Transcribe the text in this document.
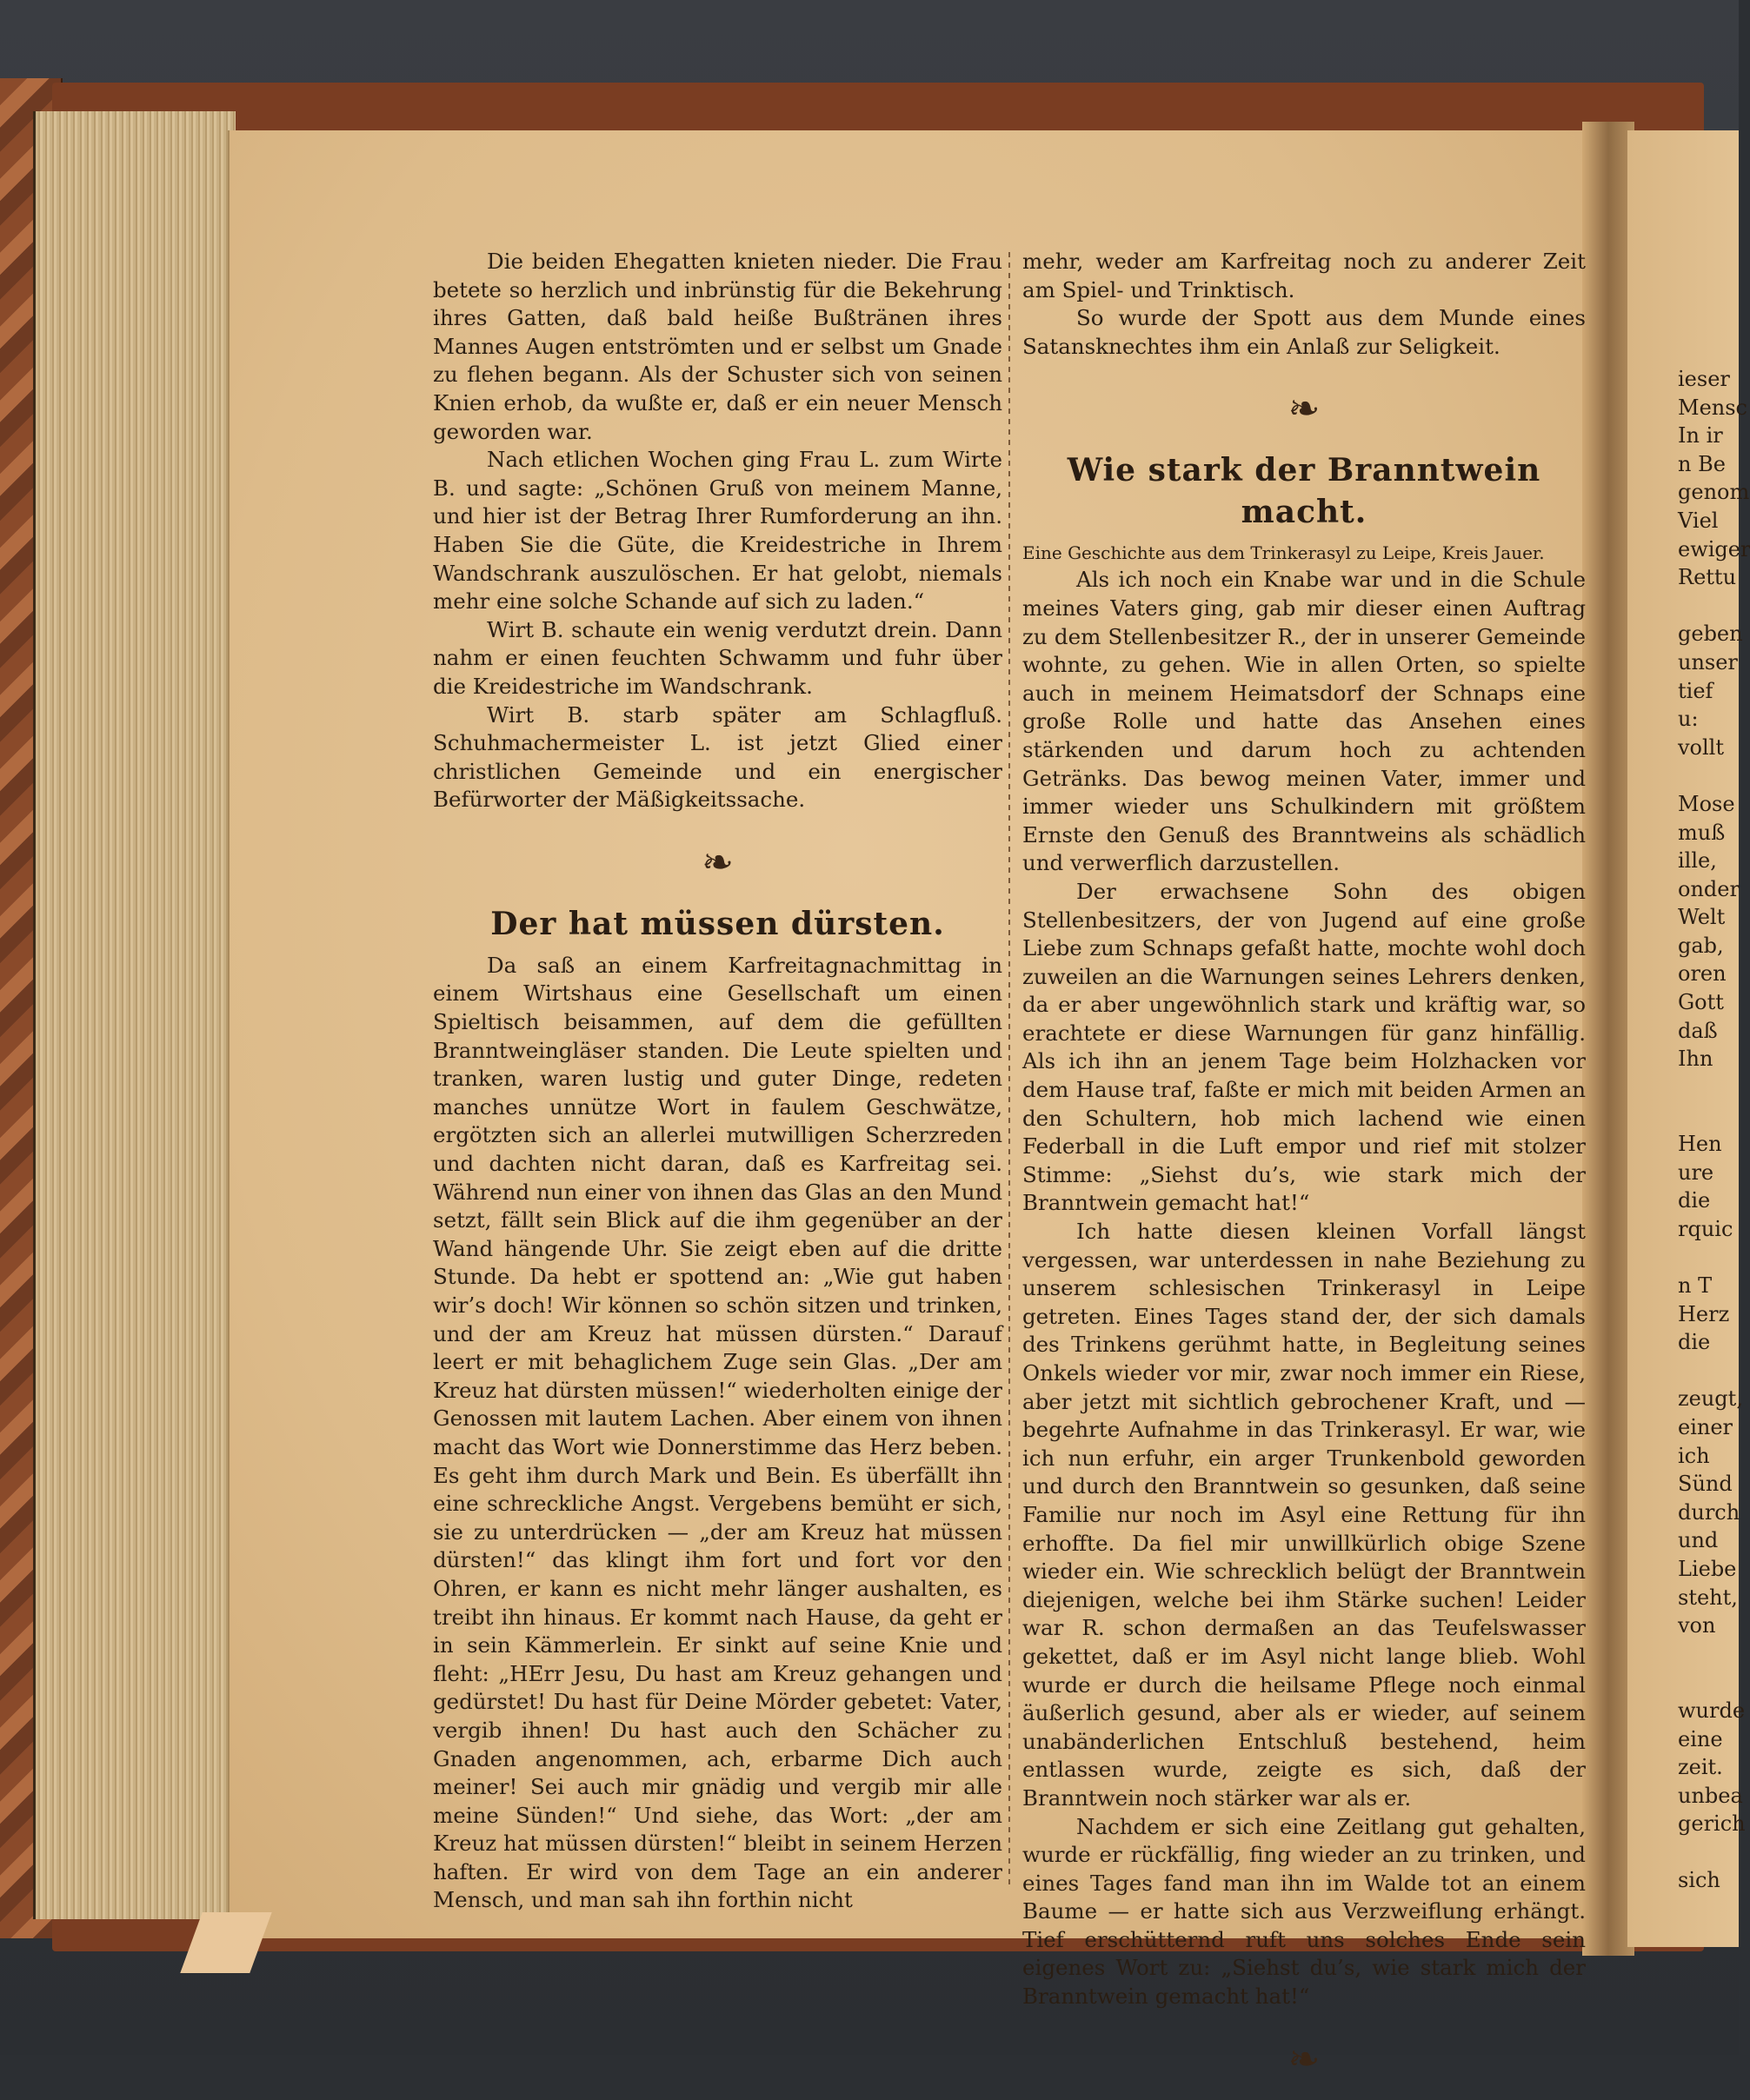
Die beiden Ehegatten knieten nieder. Die Frau betete so herzlich und inbrünstig für die Bekehrung ihres Gatten, daß bald heiße Bußtränen ihres Mannes Augen entströmten und er selbst um Gnade zu flehen begann. Als der Schuster sich von seinen Knien erhob, da wußte er, daß er ein neuer Mensch geworden war.

Nach etlichen Wochen ging Frau L. zum Wirte B. und sagte: „Schönen Gruß von meinem Manne, und hier ist der Betrag Ihrer Rumforderung an ihn. Haben Sie die Güte, die Kreidestriche in Ihrem Wandschrank auszulöschen. Er hat gelobt, niemals mehr eine solche Schande auf sich zu laden.“

Wirt B. schaute ein wenig verdutzt drein. Dann nahm er einen feuchten Schwamm und fuhr über die Kreidestriche im Wandschrank.

Wirt B. starb später am Schlagfluß. Schuhmachermeister L. ist jetzt Glied einer christlichen Gemeinde und ein energischer Befürworter der Mäßigkeitssache.

❧
Der hat müssen dürsten.

Da saß an einem Karfreitagnachmittag in einem Wirtshaus eine Gesellschaft um einen Spieltisch beisammen, auf dem die gefüllten Branntweingläser standen. Die Leute spielten und tranken, waren lustig und guter Dinge, redeten manches unnütze Wort in faulem Geschwätze, ergötzten sich an allerlei mutwilligen Scherzreden und dachten nicht daran, daß es Karfreitag sei. Während nun einer von ihnen das Glas an den Mund setzt, fällt sein Blick auf die ihm gegenüber an der Wand hängende Uhr. Sie zeigt eben auf die dritte Stunde. Da hebt er spottend an: „Wie gut haben wir’s doch! Wir können so schön sitzen und trinken, und der am Kreuz hat müssen dürsten.“ Darauf leert er mit behaglichem Zuge sein Glas. „Der am Kreuz hat dürsten müssen!“ wiederholten einige der Genossen mit lautem Lachen. Aber einem von ihnen macht das Wort wie Donnerstimme das Herz beben. Es geht ihm durch Mark und Bein. Es überfällt ihn eine schreckliche Angst. Vergebens bemüht er sich, sie zu unterdrücken — „der am Kreuz hat müssen dürsten!“ das klingt ihm fort und fort vor den Ohren, er kann es nicht mehr länger aushalten, es treibt ihn hinaus. Er kommt nach Hause, da geht er in sein Kämmerlein. Er sinkt auf seine Knie und fleht: „HErr Jesu, Du hast am Kreuz gehangen und gedürstet! Du hast für Deine Mörder gebetet: Vater, vergib ihnen! Du hast auch den Schächer zu Gnaden angenommen, ach, erbarme Dich auch meiner! Sei auch mir gnädig und vergib mir alle meine Sünden!“ Und siehe, das Wort: „der am Kreuz hat müssen dürsten!“ bleibt in seinem Herzen haften. Er wird von dem Tage an ein anderer Mensch, und man sah ihn forthin nicht

mehr, weder am Karfreitag noch zu anderer Zeit am Spiel- und Trinktisch.

So wurde der Spott aus dem Munde eines Satansknechtes ihm ein Anlaß zur Seligkeit.

❧
Wie stark der Branntwein macht.

Eine Geschichte aus dem Trinkerasyl zu Leipe, Kreis Jauer.

Als ich noch ein Knabe war und in die Schule meines Vaters ging, gab mir dieser einen Auftrag zu dem Stellenbesitzer R., der in unserer Gemeinde wohnte, zu gehen. Wie in allen Orten, so spielte auch in meinem Heimatsdorf der Schnaps eine große Rolle und hatte das Ansehen eines stärkenden und darum hoch zu achtenden Getränks. Das bewog meinen Vater, immer und immer wieder uns Schulkindern mit größtem Ernste den Genuß des Branntweins als schädlich und verwerflich darzustellen.

Der erwachsene Sohn des obigen Stellenbesitzers, der von Jugend auf eine große Liebe zum Schnaps gefaßt hatte, mochte wohl doch zuweilen an die Warnungen seines Lehrers denken, da er aber ungewöhnlich stark und kräftig war, so erachtete er diese Warnungen für ganz hinfällig. Als ich ihn an jenem Tage beim Holzhacken vor dem Hause traf, faßte er mich mit beiden Armen an den Schultern, hob mich lachend wie einen Federball in die Luft empor und rief mit stolzer Stimme: „Siehst du’s, wie stark mich der Branntwein gemacht hat!“

Ich hatte diesen kleinen Vorfall längst vergessen, war unterdessen in nahe Beziehung zu unserem schlesischen Trinkerasyl in Leipe getreten. Eines Tages stand der, der sich damals des Trinkens gerühmt hatte, in Begleitung seines Onkels wieder vor mir, zwar noch immer ein Riese, aber jetzt mit sichtlich gebrochener Kraft, und — begehrte Aufnahme in das Trinkerasyl. Er war, wie ich nun erfuhr, ein arger Trunkenbold geworden und durch den Branntwein so gesunken, daß seine Familie nur noch im Asyl eine Rettung für ihn erhoffte. Da fiel mir unwillkürlich obige Szene wieder ein. Wie schrecklich belügt der Branntwein diejenigen, welche bei ihm Stärke suchen! Leider war R. schon dermaßen an das Teufelswasser gekettet, daß er im Asyl nicht lange blieb. Wohl wurde er durch die heilsame Pflege noch einmal äußerlich gesund, aber als er wieder, auf seinem unabänderlichen Entschluß bestehend, heim entlassen wurde, zeigte es sich, daß der Branntwein noch stärker war als er.

Nachdem er sich eine Zeitlang gut gehalten, wurde er rückfällig, fing wieder an zu trinken, und eines Tages fand man ihn im Walde tot an einem Baume — er hatte sich aus Verzweiflung erhängt. Tief erschütternd ruft uns solches Ende sein eigenes Wort zu: „Siehst du’s, wie stark mich der Branntwein gemacht hat!“

❧

ieser

Mensc

In ir

n Be

genom

Viel

ewiger

Rettu

geben

unser

tief

u:

vollt

Mose

muß

ille,

onder

Welt

gab,

oren

Gott

daß

Ihn

Hen

ure

die

rquic

n T

Herz

die

zeugt,

einer

ich

Sünd

durch

und

Liebe

steht,

von

wurde

eine

zeit.

unbea

gerich

sich
